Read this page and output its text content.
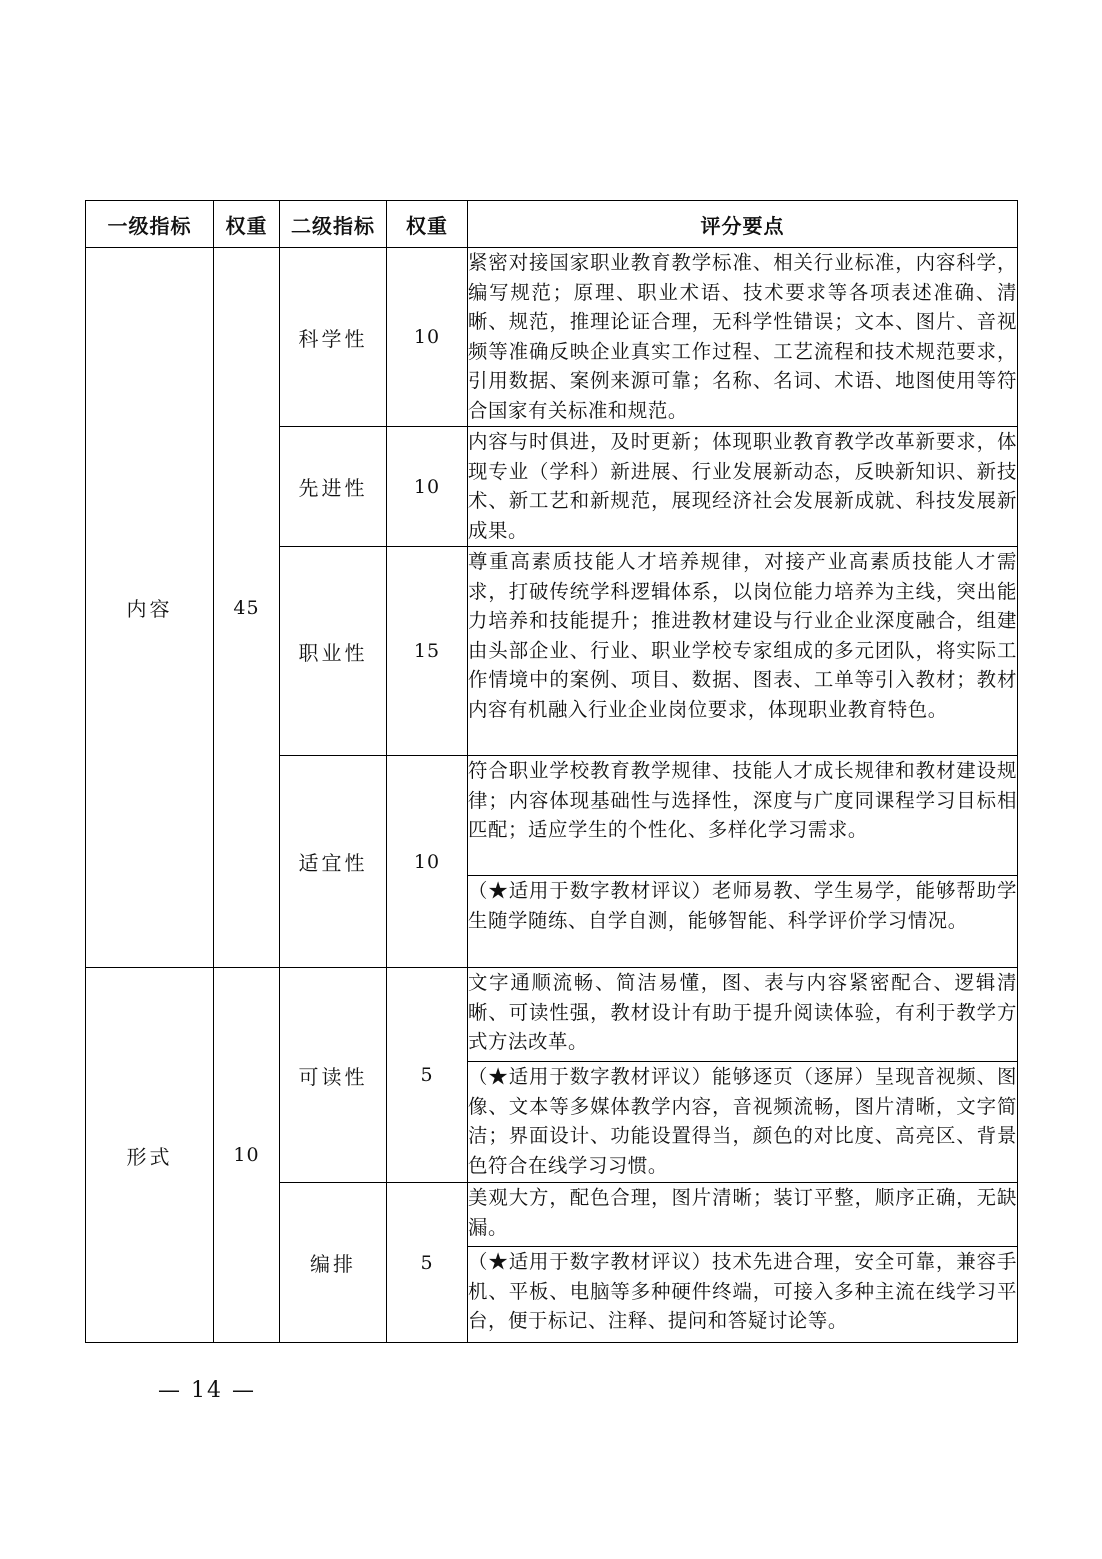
一级指标	权重	二级指标	权重	评分要点
内容	45	科学性	10	紧密对接国家职业教育教学标准、相关行业标准，内容科学，编写规范；原理、职业术语、技术要求等各项表述准确、清晰、规范，推理论证合理，无科学性错误；文本、图片、音视频等准确反映企业真实工作过程、工艺流程和技术规范要求，引用数据、案例来源可靠；名称、名词、术语、地图使用等符合国家有关标准和规范。
		先进性	10	内容与时俱进，及时更新；体现职业教育教学改革新要求，体现专业（学科）新进展、行业发展新动态，反映新知识、新技术、新工艺和新规范，展现经济社会发展新成就、科技发展新成果。
		职业性	15	尊重高素质技能人才培养规律，对接产业高素质技能人才需求，打破传统学科逻辑体系，以岗位能力培养为主线，突出能力培养和技能提升；推进教材建设与行业企业深度融合，组建由头部企业、行业、职业学校专家组成的多元团队，将实际工作情境中的案例、项目、数据、图表、工单等引入教材；教材内容有机融入行业企业岗位要求，体现职业教育特色。
		适宜性	10	符合职业学校教育教学规律、技能人才成长规律和教材建设规律；内容体现基础性与选择性，深度与广度同课程学习目标相匹配；适应学生的个性化、多样化学习需求。
				（★适用于数字教材评议）老师易教、学生易学，能够帮助学生随学随练、自学自测，能够智能、科学评价学习情况。
形式	10	可读性	5	文字通顺流畅、简洁易懂，图、表与内容紧密配合、逻辑清晰、可读性强，教材设计有助于提升阅读体验，有利于教学方式方法改革。
				（★适用于数字教材评议）能够逐页（逐屏）呈现音视频、图像、文本等多媒体教学内容，音视频流畅，图片清晰，文字简洁；界面设计、功能设置得当，颜色的对比度、高亮区、背景色符合在线学习习惯。
		编排	5	美观大方，配色合理，图片清晰；装订平整，顺序正确，无缺漏。
				（★适用于数字教材评议）技术先进合理，安全可靠，兼容手机、平板、电脑等多种硬件终端，可接入多种主流在线学习平台，便于标记、注释、提问和答疑讨论等。
— 14 —
